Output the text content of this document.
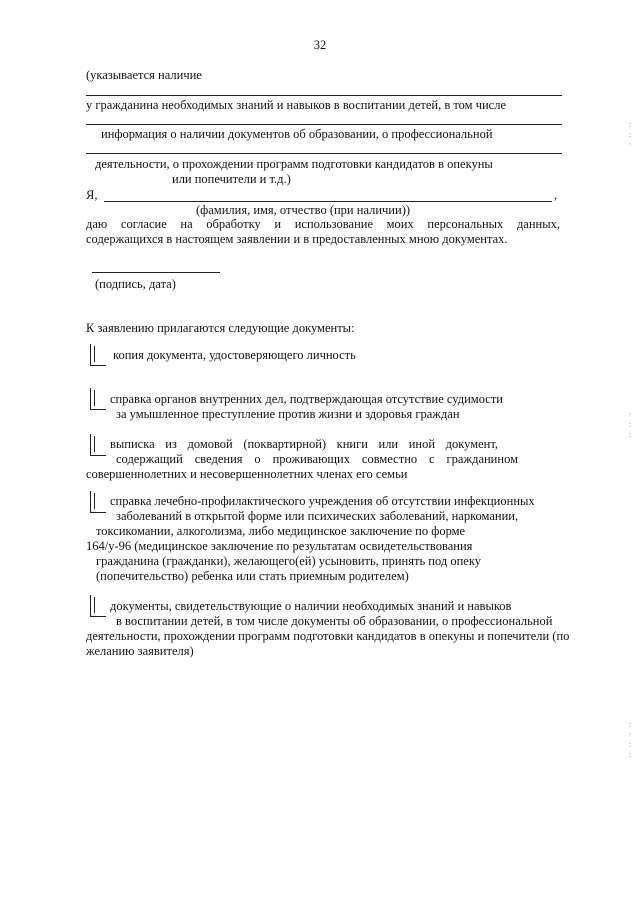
32
(указывается наличие
у гражданина необходимых знаний и навыков в воспитании детей, в том числе
информация о наличии документов об образовании, о профессиональной
деятельности, о прохождении программ подготовки кандидатов в опекуны
или попечители и т.д.)
Я,	,
(фамилия, имя, отчество (при наличии))
даю согласие на обработку и использование моих персональных данных,
содержащихся в настоящем заявлении и в предоставленных мною документах.
(подпись, дата)
К заявлению прилагаются следующие документы:
копия документа, удостоверяющего личность
справка органов внутренних дел, подтверждающая отсутствие судимости
за умышленное преступление против жизни и здоровья граждан
выписка из домовой (поквартирной) книги или иной документ,
содержащий сведения о проживающих совместно с гражданином
совершеннолетних и несовершеннолетних членах его семьи
справка лечебно-профилактического учреждения об отсутствии инфекционных
заболеваний в открытой форме или психических заболеваний, наркомании,
токсикомании, алкоголизма, либо медицинское заключение по форме
164/у-96 (медицинское заключение по результатам освидетельствования
гражданина (гражданки), желающего(ей) усыновить, принять под опеку
(попечительство) ребенка или стать приемным родителем)
документы, свидетельствующие о наличии необходимых знаний и навыков
в воспитании детей, в том числе документы об образовании, о профессиональной
деятельности, прохождении программ подготовки кандидатов в опекуны и попечители (по
желанию заявителя)
:
:
·
·
:
:
:
·
:
:
